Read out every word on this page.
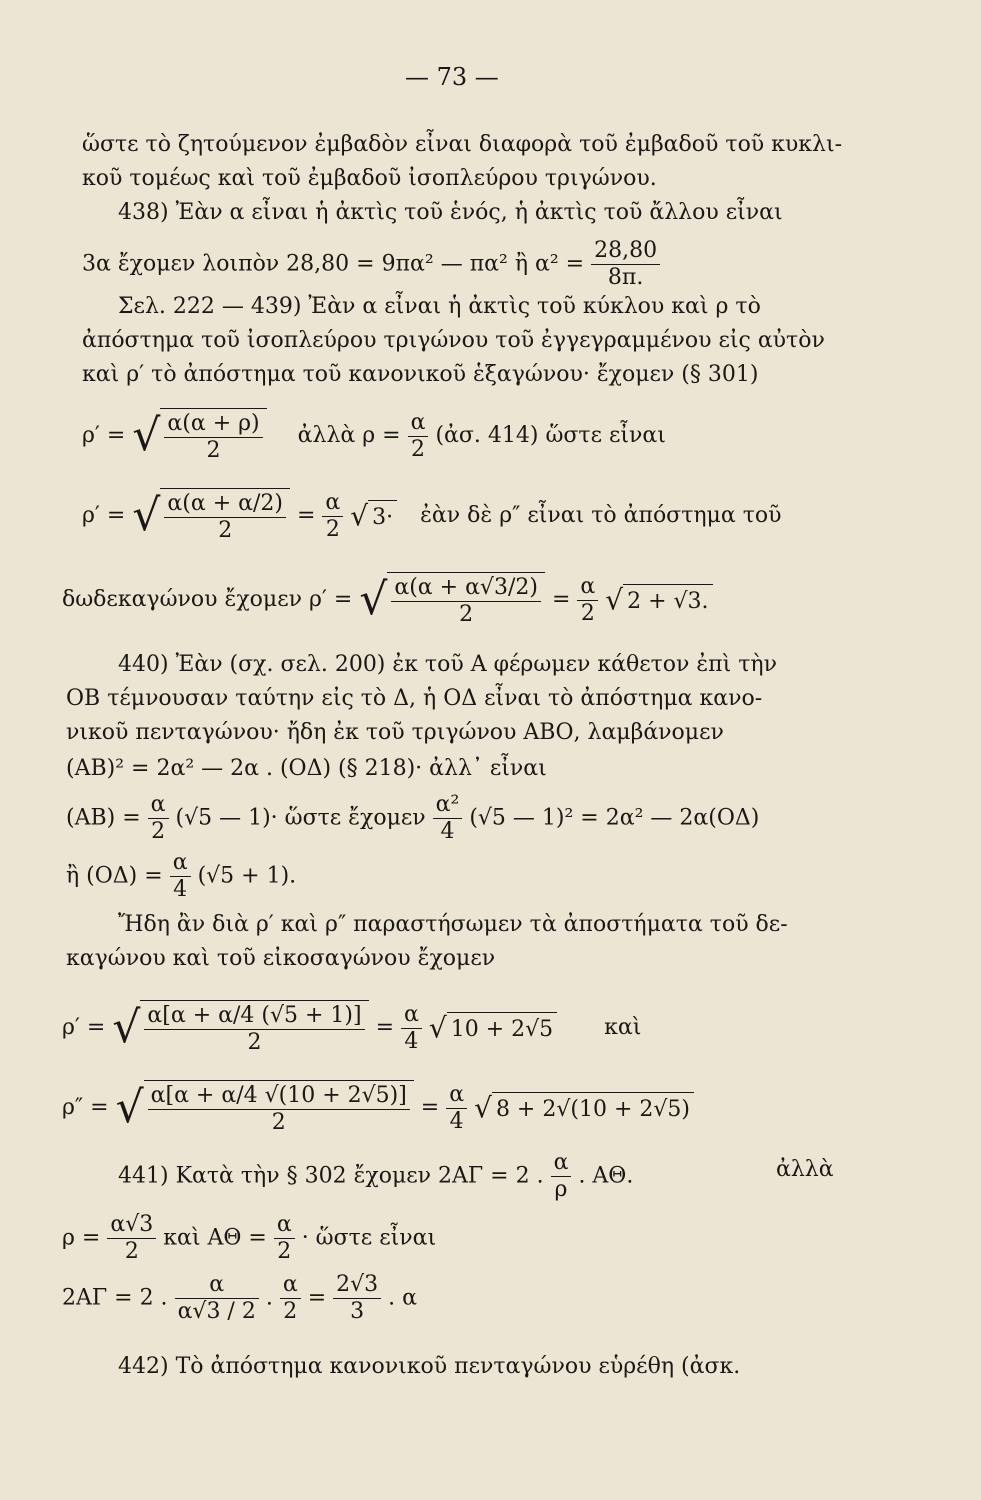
— 73 —
ὥστε τὸ ζητούμενον ἐμβαδὸν εἶναι διαφορὰ τοῦ ἐμβαδοῦ τοῦ κυκλι-
κοῦ τομέως καὶ τοῦ ἐμβαδοῦ ἰσοπλεύρου τριγώνου.
438) Ἐὰν α εἶναι ἡ ἀκτὶς τοῦ ἑνός, ἡ ἀκτὶς τοῦ ἄλλου εἶναι
3α ἔχομεν λοιπὸν 28,80 = 9πα² — πα² ἢ $\alpha^2 = \frac{28,80}{8\pi.}$
Σελ. 222 — 439) Ἐὰν α εἶναι ἡ ἀκτὶς τοῦ κύκλου καὶ ρ τὸ
ἀπόστημα τοῦ ἰσοπλεύρου τριγώνου τοῦ ἐγγεγραμμένου εἰς αὐτὸν
καὶ ρ′ τὸ ἀπόστημα τοῦ κανονικοῦ ἑξαγώνου· ἔχομεν (§ 301)
ρ′ = √ $\frac{\alpha(\alpha + \rho)}{2}$ ἀλλὰ $\rho = \frac{\alpha}{2}$ (ἀσ. 414) ὥστε εἶναι
ρ′ = √ $\frac{\alpha(\alpha + \alpha/2)}{2} = \frac{\alpha}{2}$ √ 3· ἐὰν δὲ ρ″ εἶναι τὸ ἀπόστημα τοῦ
δωδεκαγώνου ἔχομεν ρ′ = √ $\frac{\alpha(\alpha + \alpha√3/2)}{2} = \frac{\alpha}{2}$ √ 2 + √3.
440) Ἐὰν (σχ. σελ. 200) ἐκ τοῦ Α φέρωμεν κάθετον ἐπὶ τὴν
ΟΒ τέμνουσαν ταύτην εἰς τὸ Δ, ἡ ΟΔ εἶναι τὸ ἀπόστημα κανο-
νικοῦ πενταγώνου· ἤδη ἐκ τοῦ τριγώνου ΑΒΟ, λαμβάνομεν
(ΑΒ)² = 2α² — 2α . (ΟΔ) (§ 218)· ἀλλ᾽ εἶναι
$(AB) = \frac{\alpha}{2} (√5$ — 1)· ὥστε ἔχομεν $\frac{\text{α²}}{4} (√5$ — 1)² = 2α² — 2α(ΟΔ)
ἢ $(O\Delta) = \frac{\alpha}{4} (√5 + 1)$.
Ἤδη ἂν διὰ ρ′ καὶ ρ″ παραστήσωμεν τὰ ἀποστήματα τοῦ δε-
καγώνου καὶ τοῦ εἰκοσαγώνου ἔχομεν
ρ′ = √ $\frac{\alpha[\alpha + \alpha/4 (√5 + 1)]}{2} = \frac{\alpha}{4}$ √ 10 + 2√5 καὶ
ρ″ = √ $\frac{\alpha[\alpha + \alpha/4 √(10 + 2√5)]}{2} = \frac{\alpha}{4}$ √ 8 + 2√(10 + 2√5)
441) Κατὰ τὴν § 302 ἔχομεν 2ΑΓ = 2 . $\frac{\alpha}{\rho}$ . ΑΘ.	ἀλλὰ
$\rho = \frac{\alpha√3}{2}$ καὶ $A\Theta = \frac{\alpha}{2}$ · ὥστε εἶναι
2ΑΓ = 2 . $\frac{\alpha}{\alpha√3 / 2}$ . $\frac{\alpha}{2} = \frac{2√3}{3}$ . α
442) Τὸ ἀπόστημα κανονικοῦ πενταγώνου εὑρέθη (ἀσκ.
